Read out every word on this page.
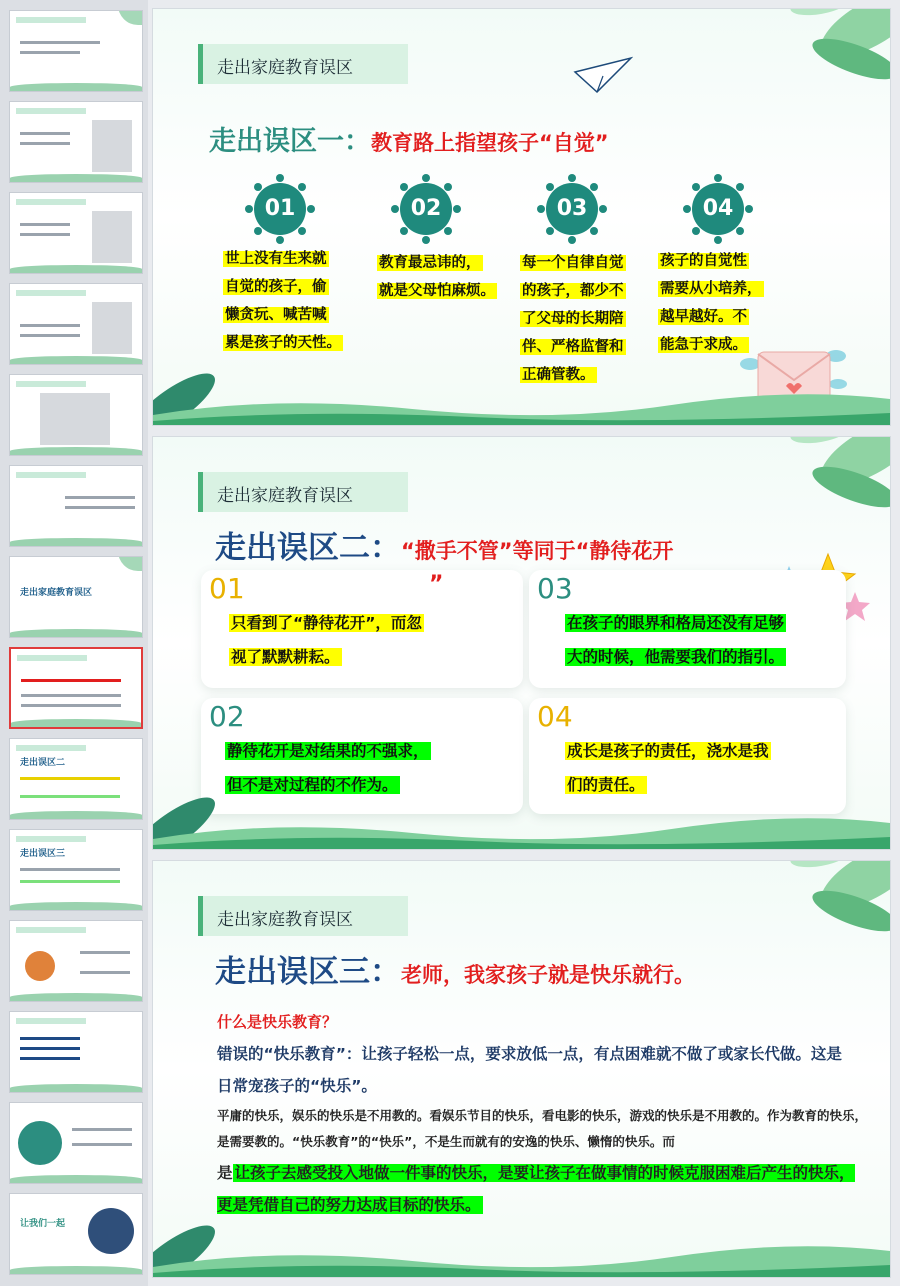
走出家庭教育误区
走出误区二
走出误区三
让我们一起
走出家庭教育误区
走出误区一：教育路上指望孩子“自觉”
01	02	03	04
世上没有生来就
自觉的孩子，偷
懒贪玩、喊苦喊
累是孩子的天性。
教育最忌讳的，
就是父母怕麻烦。
每一个自律自觉
的孩子，都少不
了父母的长期陪
伴、严格监督和
正确管教。
孩子的自觉性
需要从小培养，
越早越好。不
能急于求成。
走出家庭教育误区
走出误区二：“撒手不管”等同于“静待花开
01
只看到了“静待花开”，而忽
视了默默耕耘。
”	03
在孩子的眼界和格局还没有足够
大的时候，他需要我们的指引。
02
静待花开是对结果的不强求，
但不是对过程的不作为。
04
成长是孩子的责任，浇水是我
们的责任。
走出家庭教育误区
走出误区三：老师，我家孩子就是快乐就行。
什么是快乐教育？
错误的“快乐教育”：让孩子轻松一点，要求放低一点，有点困难就不做了或家长代做。这是日常宠孩子的“快乐”。
平庸的快乐，娱乐的快乐是不用教的。看娱乐节目的快乐，看电影的快乐，游戏的快乐是不用教的。作为教育的快乐，是需要教的。“快乐教育”的“快乐”，不是生而就有的安逸的快乐、懒惰的快乐。而
是 让孩子去感受投入地做一件事的快乐，是要让孩子在做事情的时候克服困难后产生的快乐，更是凭借自己的努力达成目标的快乐。
